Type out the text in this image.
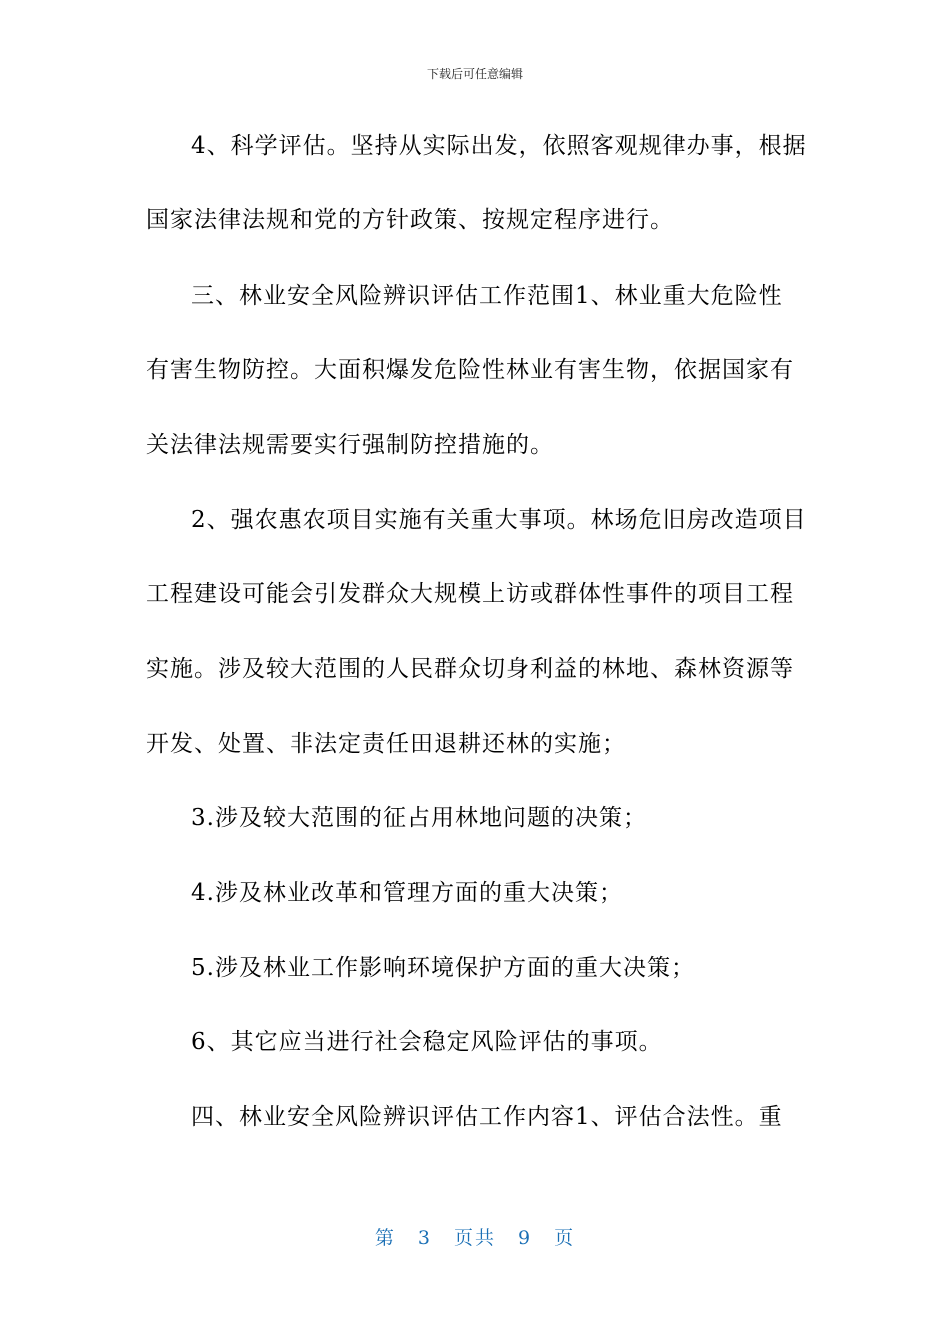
下载后可任意编辑
4、科学评估。坚持从实际出发，依照客观规律办事，根据
国家法律法规和党的方针政策、按规定程序进行。
三、林业安全风险辨识评估工作范围1、林业重大危险性
有害生物防控。大面积爆发危险性林业有害生物，依据国家有
关法律法规需要实行强制防控措施的。
2、强农惠农项目实施有关重大事项。林场危旧房改造项目
工程建设可能会引发群众大规模上访或群体性事件的项目工程
实施。涉及较大范围的人民群众切身利益的林地、森林资源等
开发、处置、非法定责任田退耕还林的实施；
3.涉及较大范围的征占用林地问题的决策；
4.涉及林业改革和管理方面的重大决策；
5.涉及林业工作影响环境保护方面的重大决策；
6、其它应当进行社会稳定风险评估的事项。
四、林业安全风险辨识评估工作内容1、评估合法性。重
第 3 页共 9 页
